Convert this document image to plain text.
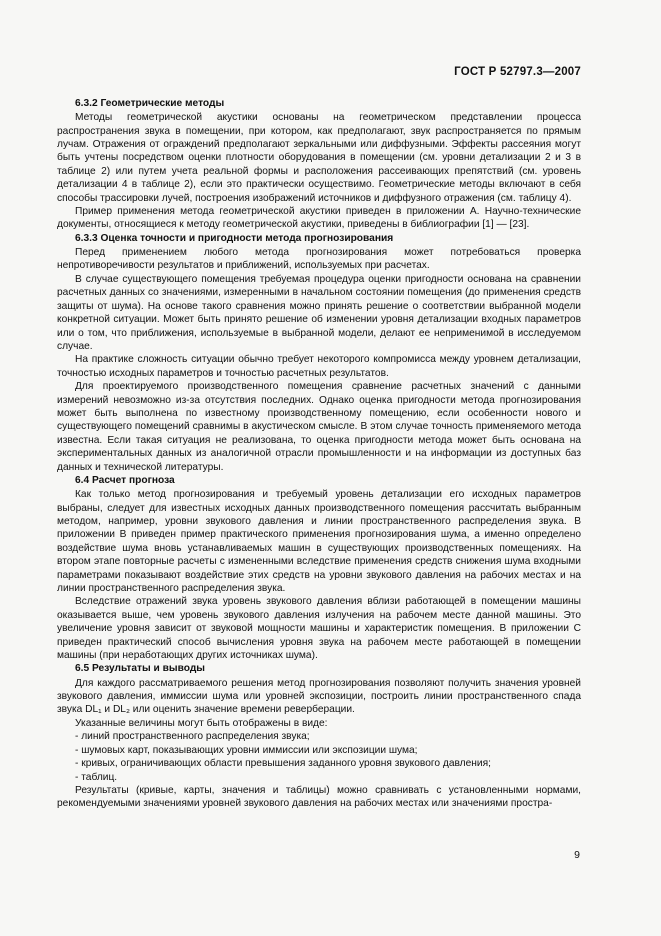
ГОСТ Р 52797.3—2007
6.3.2 Геометрические методы

Методы геометрической акустики основаны на геометрическом представлении процесса распространения звука в помещении, при котором, как предполагают, звук распространяется по прямым лучам. Отражения от ограждений предполагают зеркальными или диффузными. Эффекты рассеяния могут быть учтены посредством оценки плотности оборудования в помещении (см. уровни детализации 2 и 3 в таблице 2) или путем учета реальной формы и расположения рассеивающих препятствий (см. уровень детализации 4 в таблице 2), если это практически осуществимо. Геометрические методы включают в себя способы трассировки лучей, построения изображений источников и диффузного отражения (см. таблицу 4).

Пример применения метода геометрической акустики приведен в приложении А. Научно-технические документы, относящиеся к методу геометрической акустики, приведены в библиографии [1] — [23].

6.3.3 Оценка точности и пригодности метода прогнозирования

Перед применением любого метода прогнозирования может потребоваться проверка непротиворечивости результатов и приближений, используемых при расчетах.

В случае существующего помещения требуемая процедура оценки пригодности основана на сравнении расчетных данных со значениями, измеренными в начальном состоянии помещения (до применения средств защиты от шума). На основе такого сравнения можно принять решение о соответствии выбранной модели конкретной ситуации. Может быть принято решение об изменении уровня детализации входных параметров или о том, что приближения, используемые в выбранной модели, делают ее неприменимой в исследуемом случае.

На практике сложность ситуации обычно требует некоторого компромисса между уровнем детализации, точностью исходных параметров и точностью расчетных результатов.

Для проектируемого производственного помещения сравнение расчетных значений с данными измерений невозможно из-за отсутствия последних. Однако оценка пригодности метода прогнозирования может быть выполнена по известному производственному помещению, если особенности нового и существующего помещений сравнимы в акустическом смысле. В этом случае точность применяемого метода известна. Если такая ситуация не реализована, то оценка пригодности метода может быть основана на экспериментальных данных из аналогичной отрасли промышленности и на информации из доступных баз данных и технической литературы.

6.4 Расчет прогноза

Как только метод прогнозирования и требуемый уровень детализации его исходных параметров выбраны, следует для известных исходных данных производственного помещения рассчитать выбранным методом, например, уровни звукового давления и линии пространственного распределения звука. В приложении В приведен пример практического применения прогнозирования шума, а именно определено воздействие шума вновь устанавливаемых машин в существующих производственных помещениях. На втором этапе повторные расчеты с измененными вследствие применения средств снижения шума входными параметрами показывают воздействие этих средств на уровни звукового давления на рабочих местах и на линии пространственного распределения звука.

Вследствие отражений звука уровень звукового давления вблизи работающей в помещении машины оказывается выше, чем уровень звукового давления излучения на рабочем месте данной машины. Это увеличение уровня зависит от звуковой мощности машины и характеристик помещения. В приложении С приведен практический способ вычисления уровня звука на рабочем месте работающей в помещении машины (при неработающих других источниках шума).

6.5 Результаты и выводы

Для каждого рассматриваемого решения метод прогнозирования позволяют получить значения уровней звукового давления, иммиссии шума или уровней экспозиции, построить линии пространственного спада звука DL₁ и DL₂ или оценить значение времени реверберации.

Указанные величины могут быть отображены в виде:

- линий пространственного распределения звука;
- шумовых карт, показывающих уровни иммиссии или экспозиции шума;
- кривых, ограничивающих области превышения заданного уровня звукового давления;
- таблиц.

Результаты (кривые, карты, значения и таблицы) можно сравнивать с установленными нормами, рекомендуемыми значениями уровней звукового давления на рабочих местах или значениями простра-

9
